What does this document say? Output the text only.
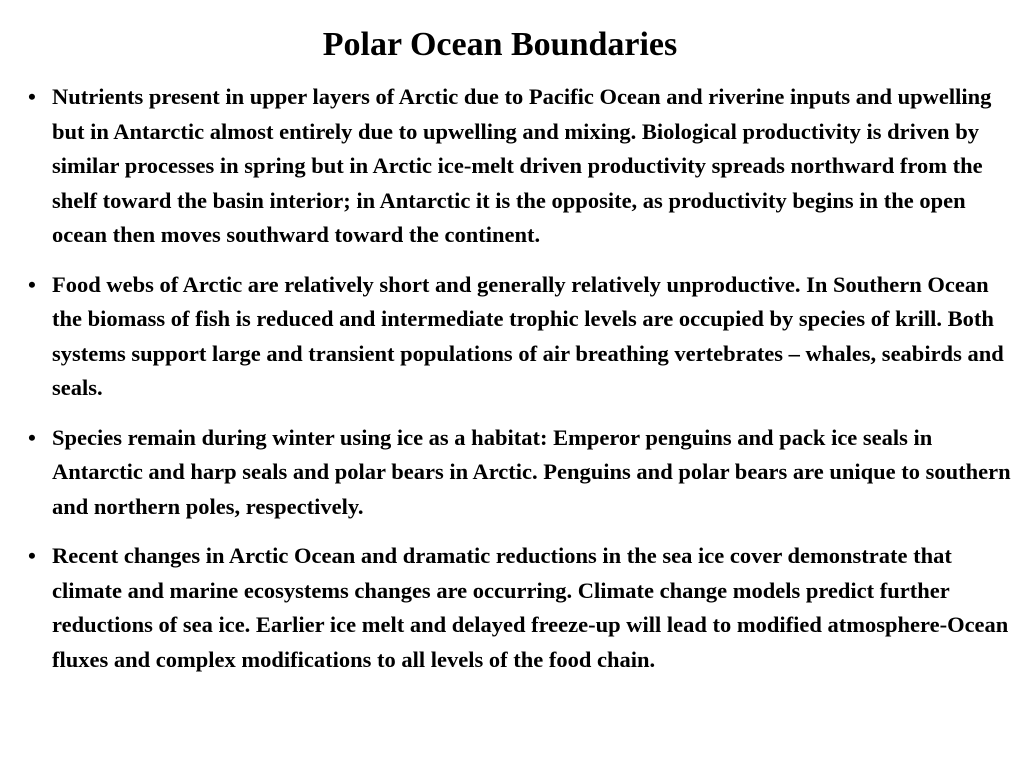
Polar Ocean Boundaries
• Nutrients present in upper layers of Arctic due to Pacific Ocean and riverine inputs and upwelling but in Antarctic almost entirely due to upwelling and mixing. Biological productivity is driven by similar processes in spring but in Arctic ice-melt driven productivity spreads northward from the shelf toward the basin interior; in Antarctic it is the opposite, as productivity begins in the open ocean then moves southward toward the continent.
• Food webs of Arctic are relatively short and generally relatively unproductive. In Southern Ocean the biomass of fish is reduced and intermediate trophic levels are occupied by species of krill. Both systems support large and transient populations of air breathing vertebrates – whales, seabirds and seals.
• Species remain during winter using ice as a habitat: Emperor penguins and pack ice seals in Antarctic and harp seals and polar bears in Arctic. Penguins and polar bears are unique to southern and northern poles, respectively.
• Recent changes in Arctic Ocean and dramatic reductions in the sea ice cover demonstrate that climate and marine ecosystems changes are occurring. Climate change models predict further reductions of sea ice. Earlier ice melt and delayed freeze-up will lead to modified atmosphere-Ocean fluxes and complex modifications to all levels of the food chain.
